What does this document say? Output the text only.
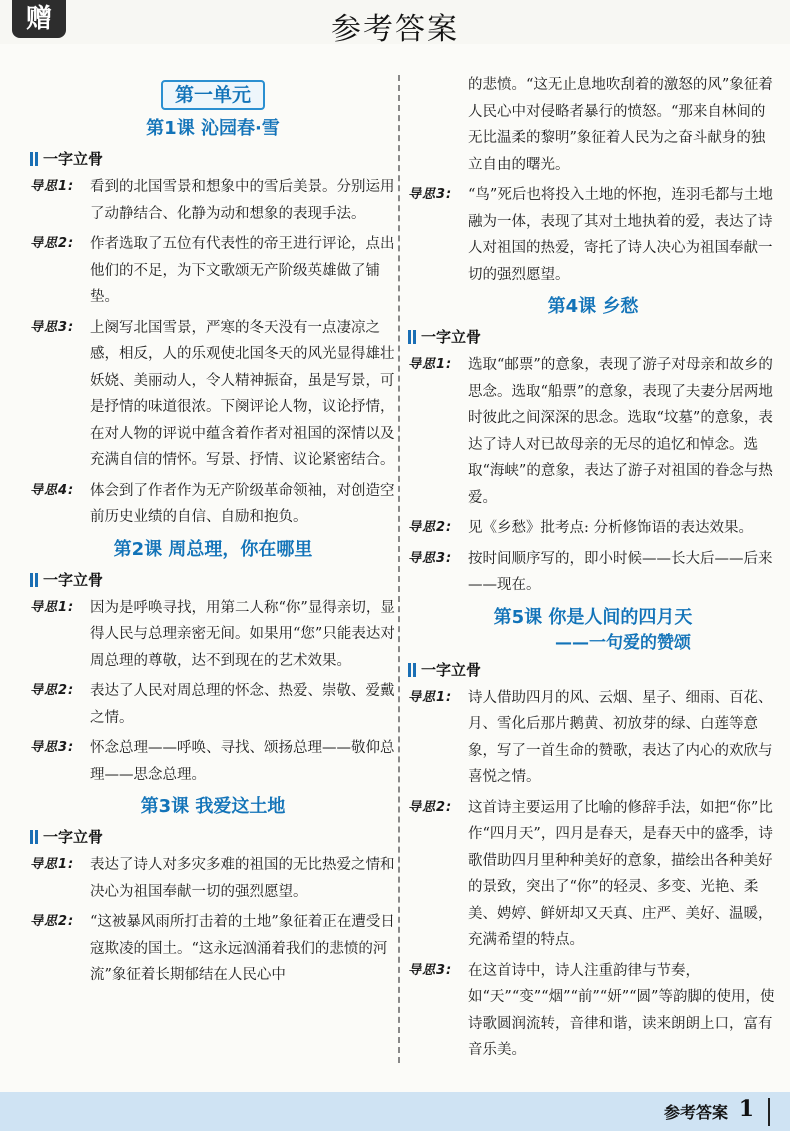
赠	参考答案
第一单元
第1课 沁园春·雪
一字立骨
导思1:	看到的北国雪景和想象中的雪后美景。分别运用了动静结合、化静为动和想象的表现手法。
导思2:	作者选取了五位有代表性的帝王进行评论，点出他们的不足，为下文歌颂无产阶级英雄做了铺垫。
导思3:	上阕写北国雪景，严寒的冬天没有一点凄凉之感，相反，人的乐观使北国冬天的风光显得雄壮妖娆、美丽动人，令人精神振奋，虽是写景，可是抒情的味道很浓。下阕评论人物，议论抒情，在对人物的评说中蕴含着作者对祖国的深情以及充满自信的情怀。写景、抒情、议论紧密结合。
导思4:	体会到了作者作为无产阶级革命领袖，对创造空前历史业绩的自信、自励和抱负。
第2课 周总理，你在哪里
一字立骨
导思1:	因为是呼唤寻找，用第二人称“你”显得亲切，显得人民与总理亲密无间。如果用“您”只能表达对周总理的尊敬，达不到现在的艺术效果。
导思2:	表达了人民对周总理的怀念、热爱、崇敬、爱戴之情。
导思3:	怀念总理——呼唤、寻找、颂扬总理——敬仰总理——思念总理。
第3课 我爱这土地
一字立骨
导思1:	表达了诗人对多灾多难的祖国的无比热爱之情和决心为祖国奉献一切的强烈愿望。
导思2:	“这被暴风雨所打击着的土地”象征着正在遭受日寇欺凌的国土。“这永远汹涌着我们的悲愤的河流”象征着长期郁结在人民心中
的悲愤。“这无止息地吹刮着的激怒的风”象征着人民心中对侵略者暴行的愤怒。“那来自林间的无比温柔的黎明”象征着人民为之奋斗献身的独立自由的曙光。
导思3:	“鸟”死后也将投入土地的怀抱，连羽毛都与土地融为一体，表现了其对土地执着的爱，表达了诗人对祖国的热爱，寄托了诗人决心为祖国奉献一切的强烈愿望。
第4课 乡愁
一字立骨
导思1:	选取“邮票”的意象，表现了游子对母亲和故乡的思念。选取“船票”的意象，表现了夫妻分居两地时彼此之间深深的思念。选取“坟墓”的意象，表达了诗人对已故母亲的无尽的追忆和悼念。选取“海峡”的意象，表达了游子对祖国的眷念与热爱。
导思2:	见《乡愁》批考点: 分析修饰语的表达效果。
导思3:	按时间顺序写的，即小时候——长大后——后来——现在。
第5课 你是人间的四月天
——一句爱的赞颂
一字立骨
导思1:	诗人借助四月的风、云烟、星子、细雨、百花、月、雪化后那片鹅黄、初放芽的绿、白莲等意象，写了一首生命的赞歌，表达了内心的欢欣与喜悦之情。
导思2:	这首诗主要运用了比喻的修辞手法，如把“你”比作“四月天”，四月是春天，是春天中的盛季，诗歌借助四月里种种美好的意象，描绘出各种美好的景致，突出了“你”的轻灵、多变、光艳、柔美、娉婷、鲜妍却又天真、庄严、美好、温暖，充满希望的特点。
导思3:	在这首诗中，诗人注重韵律与节奏，如“天”“变”“烟”“前”“妍”“圆”等韵脚的使用，使诗歌圆润流转，音律和谐，读来朗朗上口，富有音乐美。
参考答案 1
